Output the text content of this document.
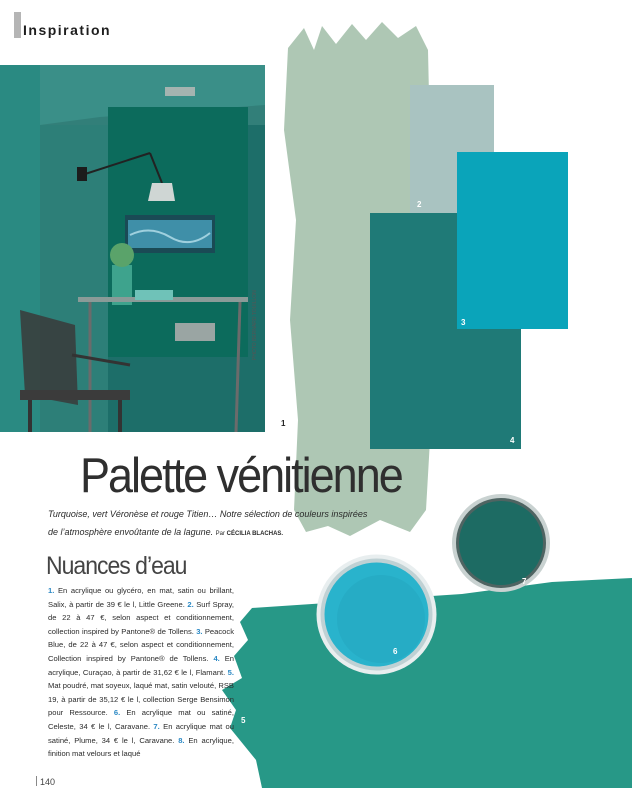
Inspiration
PHOTO BERNARD TOUILLON
1
5
2
4
3
6
7
Palette vénitienne
Turquoise, vert Véronèse et rouge Titien… Notre sélection de couleurs inspirées de l’atmosphère envoûtante de la lagune. Par CÉCILIA BLACHAS.
Nuances d’eau
1. En acrylique ou glycéro, en mat, satin ou brillant, Salix, à partir de 39 € le l, Little Greene. 2. Surf Spray, de 22 à 47 €, selon aspect et conditionnement, collection inspired by Pantone® de Tollens. 3. Peacock Blue, de 22 à 47 €, selon aspect et conditionnement, Collection inspired by Pantone® de Tollens. 4. En acrylique, Curaçao, à partir de 31,62 € le l, Flamant. 5. Mat poudré, mat soyeux, laqué mat, satin velouté, RSB 19, à partir de 35,12 € le l, collection Serge Bensimon pour Ressource. 6. En acrylique mat ou satiné, Celeste, 34 € le l, Caravane. 7. En acrylique mat ou satiné, Plume, 34 € le l, Caravane. 8. En acrylique, finition mat velours et laqué
140
